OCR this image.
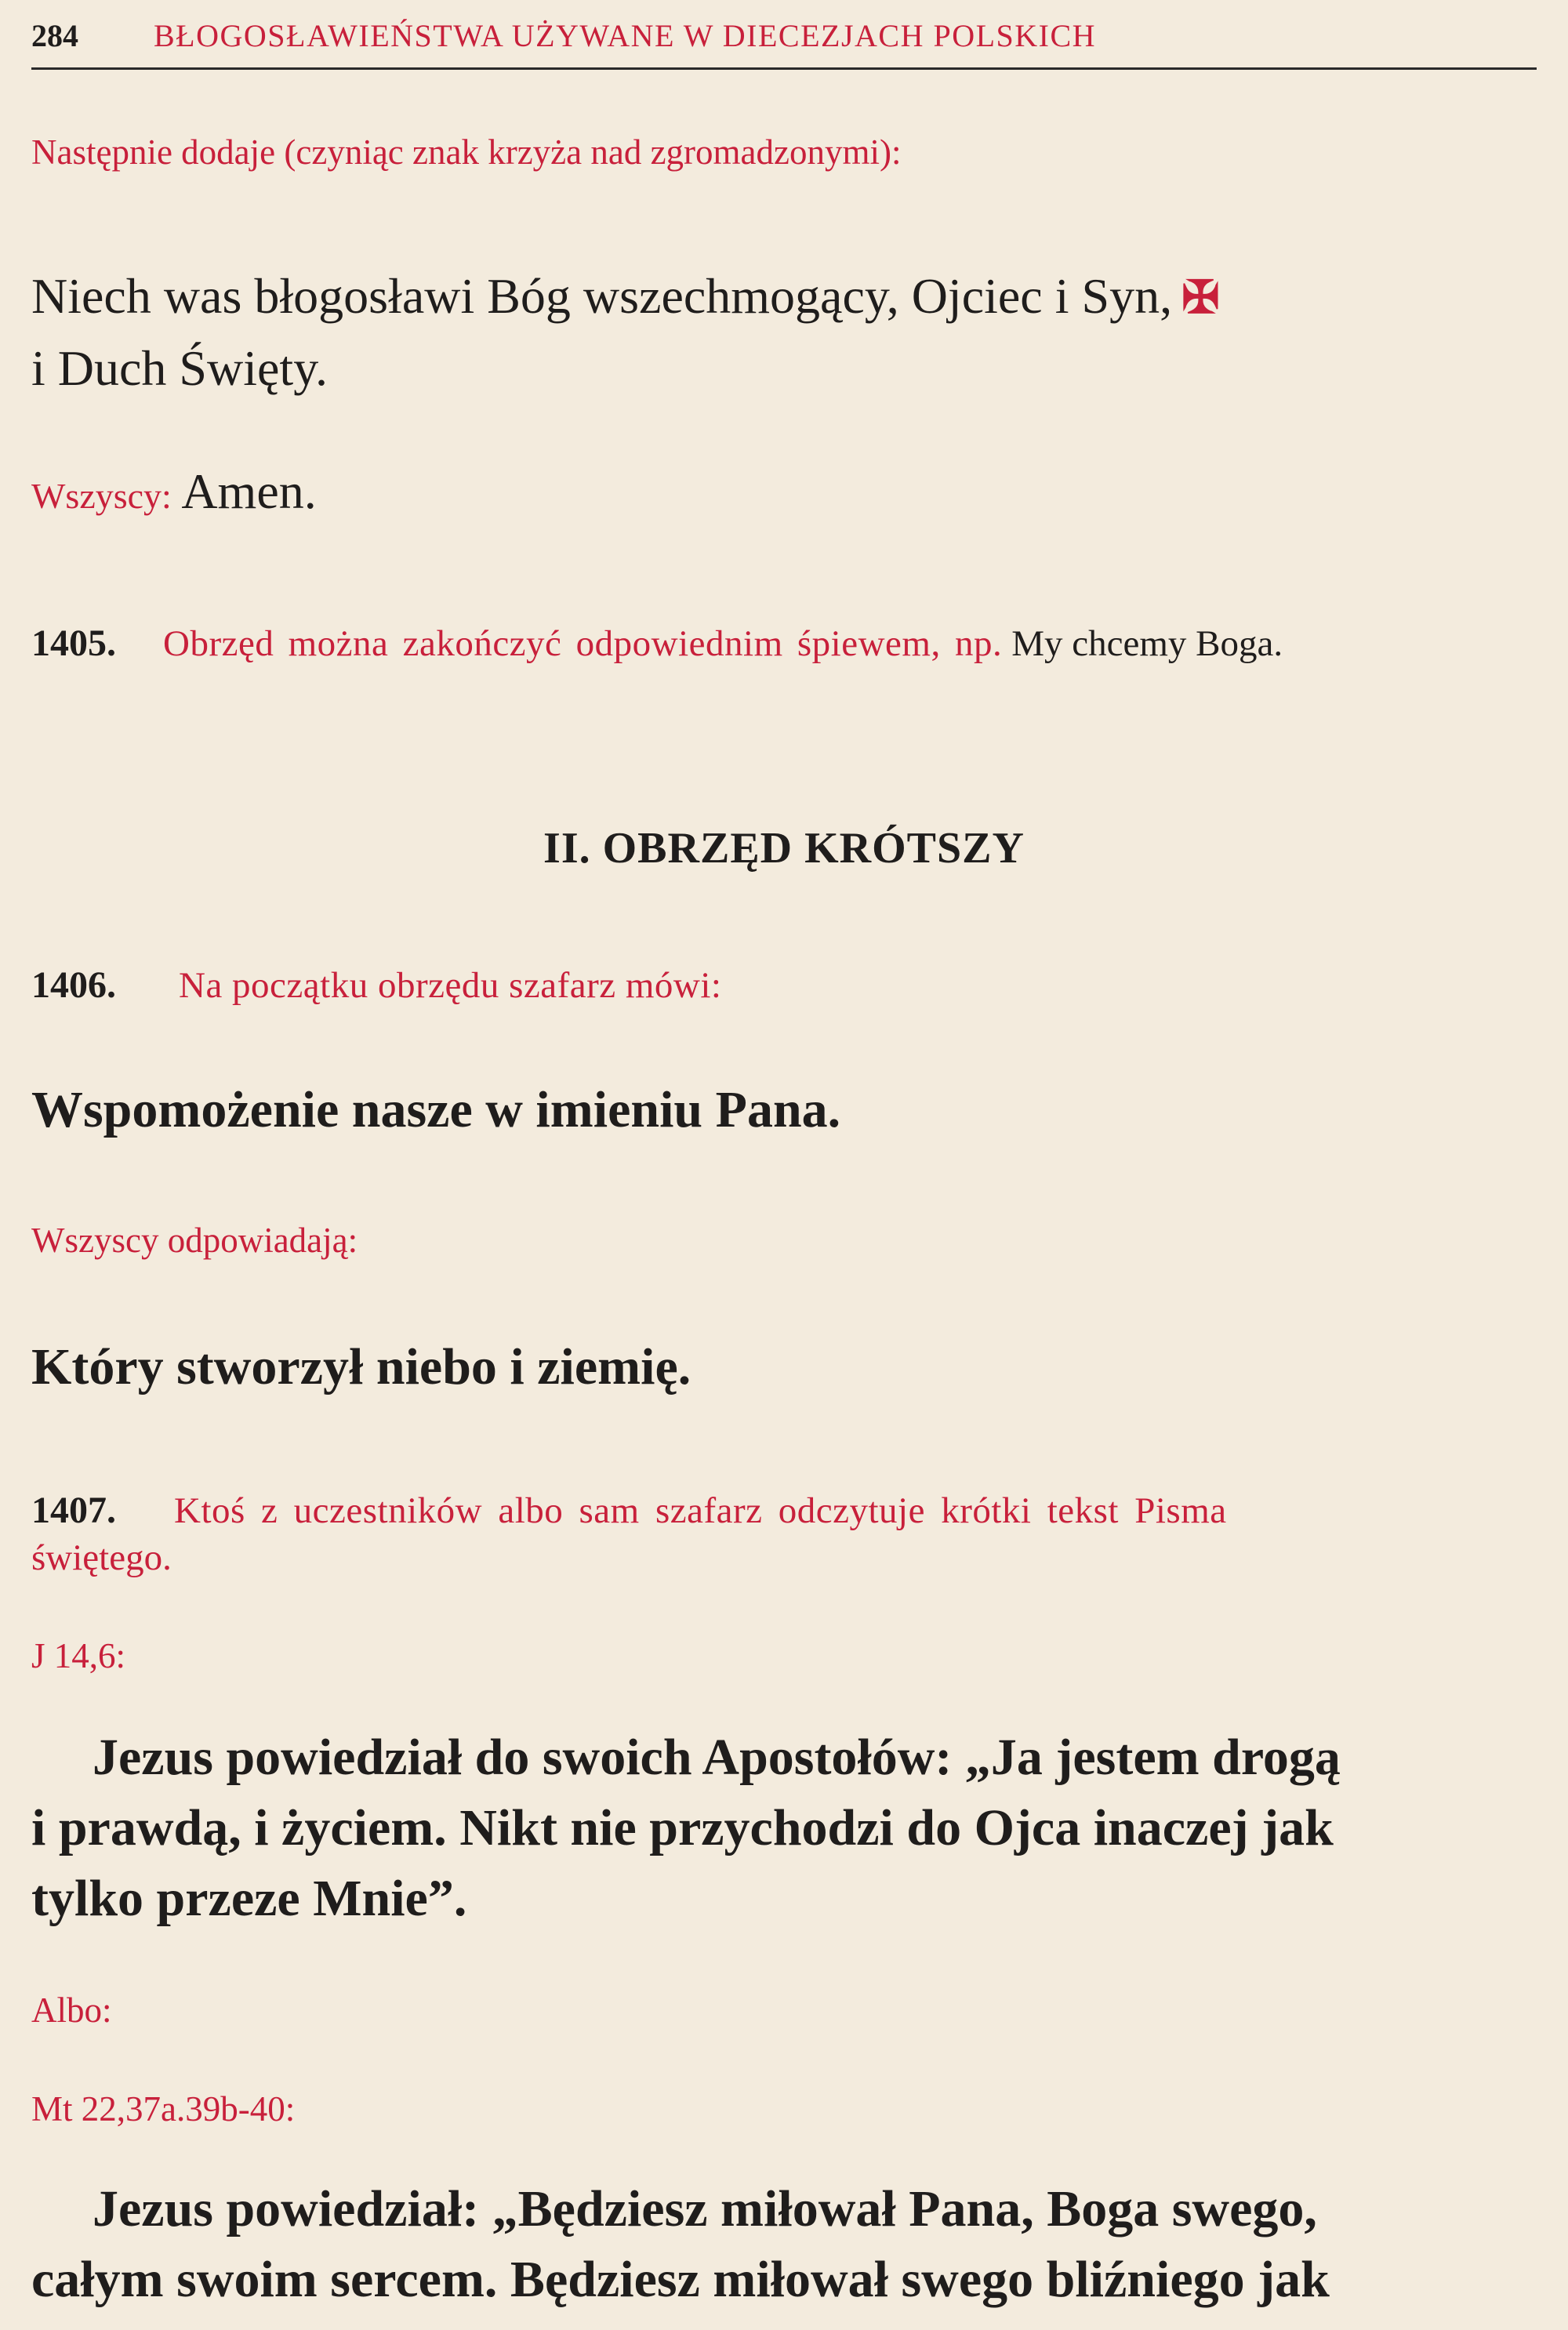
284 BŁOGOSŁAWIEŃSTWA UŻYWANE W DIECEZJACH POLSKICH
Następnie dodaje (czyniąc znak krzyża nad zgromadzonymi):
Niech was błogosławi Bóg wszechmogący, Ojciec i Syn, ✠
i Duch Święty.
Wszyscy: Amen.
1405. Obrzęd można zakończyć odpowiednim śpiewem, np. My chcemy Boga.
II. OBRZĘD KRÓTSZY
1406. Na początku obrzędu szafarz mówi:
Wspomożenie nasze w imieniu Pana.
Wszyscy odpowiadają:
Który stworzył niebo i ziemię.
1407. Ktoś z uczestników albo sam szafarz odczytuje krótki tekst Pisma
świętego.
J 14,6:
Jezus powiedział do swoich Apostołów: „Ja jestem drogą
i prawdą, i życiem. Nikt nie przychodzi do Ojca inaczej jak
tylko przeze Mnie”.
Albo:
Mt 22,37a.39b-40:
Jezus powiedział: „Będziesz miłował Pana, Boga swego,
całym swoim sercem. Będziesz miłował swego bliźniego jak
